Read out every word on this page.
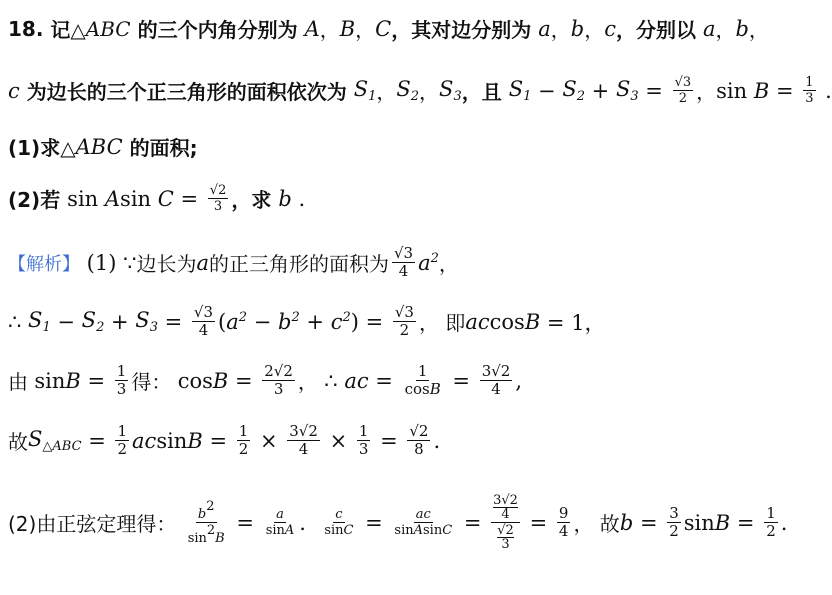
18. 记△ ABC 的三个内角分别为 A ， B ， C ，其对边分别为 a ， b ， c ，分别以 a ， b ，
c 为边长的三个正三角形的面积依次为 $S_1$ ， $S_2$ ， $S_3$ ，且 $S_1 - S_2 + S_3 = \frac{√3}{2}$ ， $\sin B = \frac{1}{3}$ .
(1)求△ ABC 的面积;
(2)若 sin A $\sin C = \frac{√2}{3}$ ，求 b .
【解析】 (1) ∵ 边长为 a 的正三角形的面积为 $\frac{√3}{4} a^2$ ，
∴ $S_1 - S_2 + S_3 = \frac{√3}{4}$ ( $a^2 - b^2 + c^2$ ) = $\frac{√3}{2}$ ， 即 ac cos B = 1，
由 $\sin B = \frac{1}{3}$ 得： $\cos B = \frac{2√2}{3}$ ， ∴ ac = $\frac{1}{\cos B} = \frac{3√2}{4}$ ,
故 $S_{\triangle ABC} = \frac{1}{2}$ ac $\sin B = \frac{1}{2} \times \frac{3√2}{4} \times \frac{1}{3} = \frac{√2}{8}$ .
(2)由正弦定理得： $\frac{b^2}{\sin^2B} = \frac{a}{\sin A}$ . $\frac{c}{\sin C} = \frac{ac}{\text{sinAsinC}} = \frac{\frac{3√2}{4}}{\frac{√2}{3}} = \frac{9}{4}$ ， 故 $b = \frac{3}{2}$ $\sin B = \frac{1}{2}$ .
